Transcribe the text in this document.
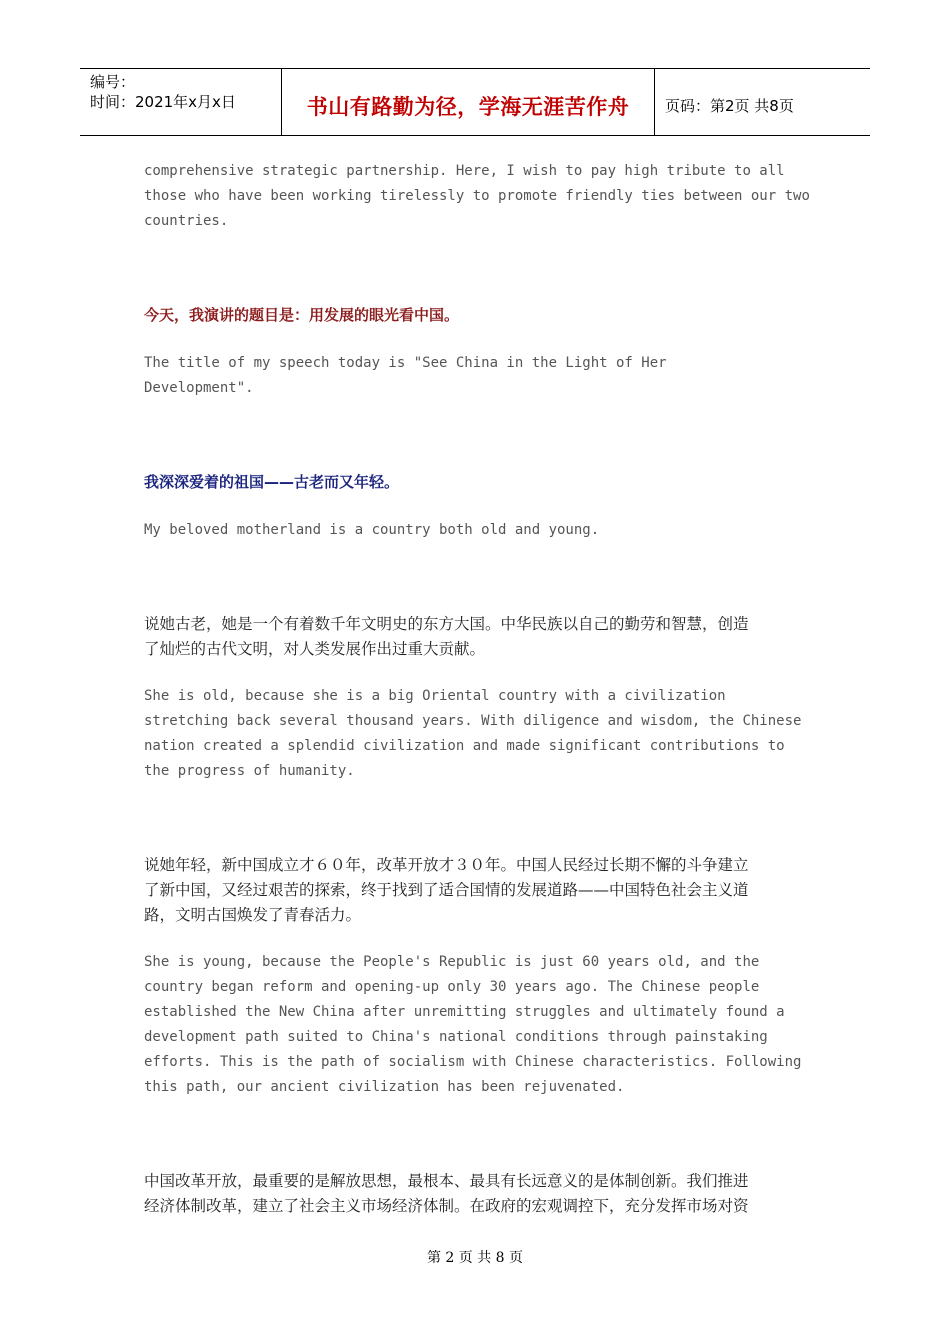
编号：
时间：2021年x月x日	书山有路勤为径，学海无涯苦作舟	页码：第2页 共8页

comprehensive strategic partnership. Here, I wish to pay high tribute to all
those who have been working tirelessly to promote friendly ties between our two
countries.

今天，我演讲的题目是：用发展的眼光看中国。

The title of my speech today is "See China in the Light of Her
Development".

我深深爱着的祖国——古老而又年轻。

My beloved motherland is a country both old and young.

说她古老，她是一个有着数千年文明史的东方大国。中华民族以自己的勤劳和智慧，创造
了灿烂的古代文明，对人类发展作出过重大贡献。

She is old, because she is a big Oriental country with a civilization
stretching back several thousand years. With diligence and wisdom, the Chinese
nation created a splendid civilization and made significant contributions to
the progress of humanity.

说她年轻，新中国成立才６０年，改革开放才３０年。中国人民经过长期不懈的斗争建立
了新中国，又经过艰苦的探索，终于找到了适合国情的发展道路——中国特色社会主义道
路，文明古国焕发了青春活力。

She is young, because the People's Republic is just 60 years old, and the
country began reform and opening-up only 30 years ago. The Chinese people
established the New China after unremitting struggles and ultimately found a
development path suited to China's national conditions through painstaking
efforts. This is the path of socialism with Chinese characteristics. Following
this path, our ancient civilization has been rejuvenated.

中国改革开放，最重要的是解放思想，最根本、最具有长远意义的是体制创新。我们推进
经济体制改革，建立了社会主义市场经济体制。在政府的宏观调控下，充分发挥市场对资

第 2 页 共 8 页
